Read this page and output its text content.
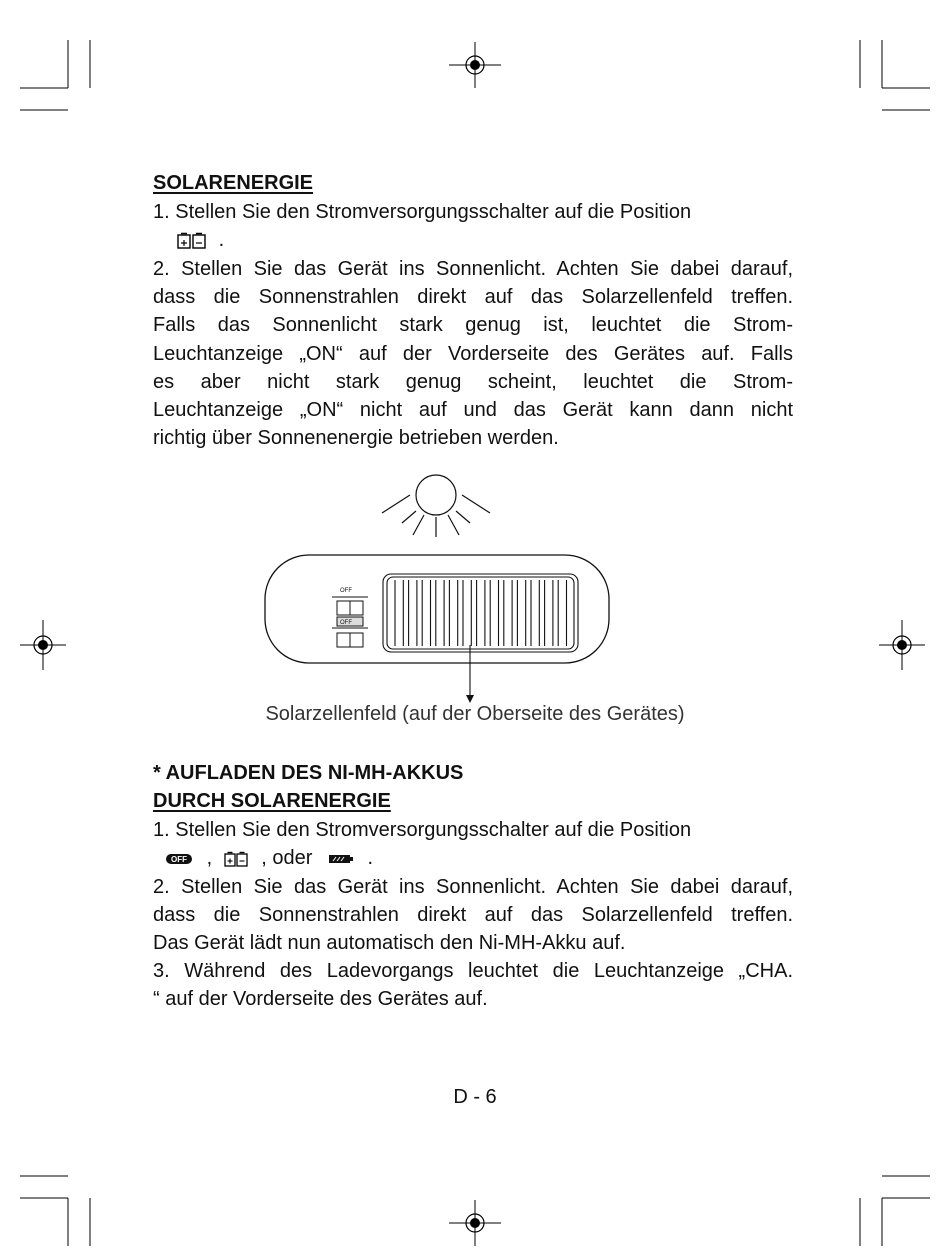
SOLARENERGIE
1. Stellen Sie den Stromversorgungsschalter auf die Position
.
2. Stellen Sie das Gerät ins Sonnenlicht. Achten Sie dabei darauf,
dass die Sonnenstrahlen direkt auf das Solarzellenfeld treffen.
Falls das Sonnenlicht stark genug ist, leuchtet die Strom-
Leuchtanzeige „ON“ auf der Vorderseite des Gerätes auf. Falls
es aber nicht stark genug scheint, leuchtet die Strom-
Leuchtanzeige „ON“ nicht auf und das Gerät kann dann nicht
richtig über Sonnenenergie betrieben werden.
OFF
OFF
Solarzellenfeld (auf der Oberseite des Gerätes)
* AUFLADEN DES NI-MH-AKKUS
DURCH SOLARENERGIE
1. Stellen Sie den Stromversorgungsschalter auf die Position
OFF , , oder	.
2. Stellen Sie das Gerät ins Sonnenlicht. Achten Sie dabei darauf,
dass die Sonnenstrahlen direkt auf das Solarzellenfeld treffen.
Das Gerät lädt nun automatisch den Ni-MH-Akku auf.
3. Während des Ladevorgangs leuchtet die Leuchtanzeige „CHA.
“ auf der Vorderseite des Gerätes auf.
D - 6
